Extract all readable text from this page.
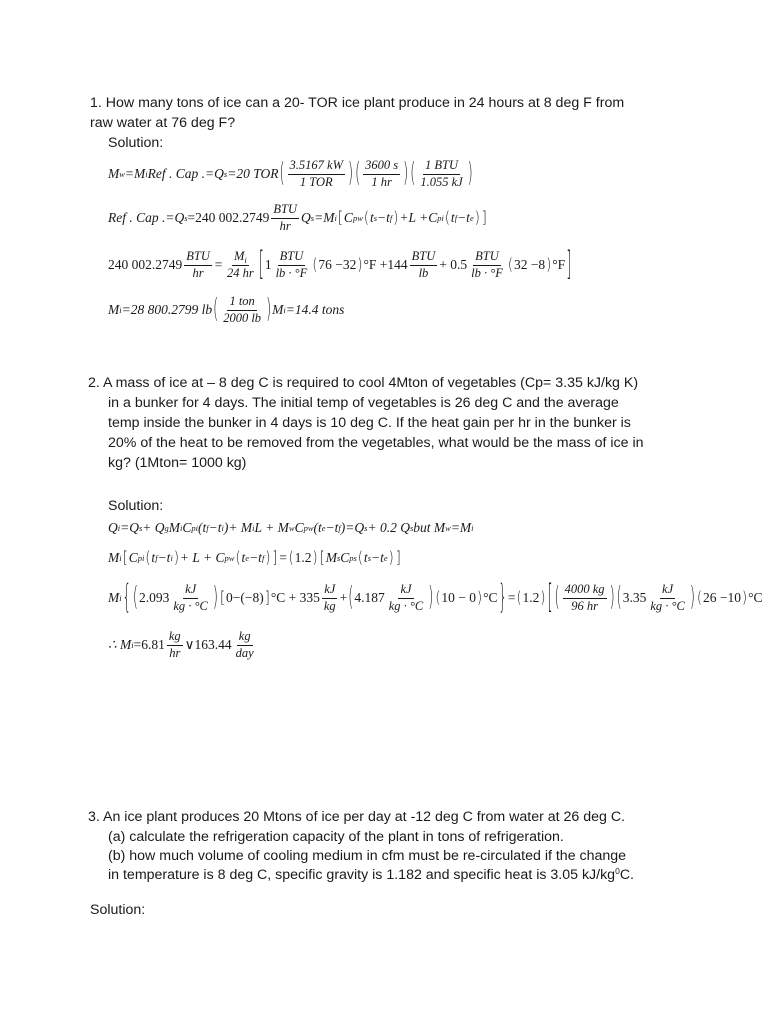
1. How many tons of ice can a 20- TOR ice plant produce in 24 hours at 8 deg F from
raw water at 76 deg F?
Solution:
M w =M i Ref . Cap .=Q s =20 TOR ( $\frac{3.5167 kW}{\text{1 TOR}}$ ) ( $\frac{3600 s}{1 hr}$ ) ( $\frac{\text{1 BTU}}{1.055 kJ}$ )
Ref . Cap .=Q s =240 $002.2749 \frac{\text{BTU}}{hr}$ Q s =M i [ C pw ( t s −t f ) +L +C pi ( t f −t e ) ]
240 $002.2749 \frac{\text{BTU}}{hr} = \frac{M_i}{24 hr}$ [ $1 \frac{\text{BTU}}{lb \cdot ^\circ F}$ ( 76 −32 ) $^\circ F +144 \frac{\text{BTU}}{lb} + 0.5 \frac{\text{BTU}}{lb \cdot ^\circ F}$ ( 32 −8 ) °F ]
M i =28 800.2799 lb ( $\frac{\text{1 ton}}{2000 lb}$ ) M i =14.4 tons
2. A mass of ice at – 8 deg C is required to cool 4Mton of vegetables (Cp= 3.35 kJ/kg K)
in a bunker for 4 days. The initial temp of vegetables is 26 deg C and the average
temp inside the bunker in 4 days is 10 deg C. If the heat gain per hr in the bunker is
20% of the heat to be removed from the vegetables, what would be the mass of ice in
kg? (1Mton= 1000 kg)
Solution:
Q i =Q s + Q g M i C pi (t f −t i )+ M i L + M w C pw (t e −t f )=Q s + 0.2 Q s but M w =M i
M i [ C pi ( t f −t i ) + L + C pw ( t e −t f ) ] = ( 1.2 ) [ M s C ps ( t s −t e ) ]
M i { ( $2.093 \frac{kJ}{kg \cdot ^\circ C}$ ) [ 0−(−8) ] $^\circ C + 335 \frac{kJ}{kg}$ + ( $4.187 \frac{kJ}{kg \cdot ^\circ C}$ ) ( 10 − 0 ) °C } = ( 1.2 ) [ ( $\frac{4000 kg}{96 hr}$ ) ( $3.35 \frac{kJ}{kg \cdot ^\circ C}$ ) ( 26 −10 ) °C
∴ M $i =6.81 \frac{kg}{hr}$ ∨163.44 $\frac{kg}{\text{day}}$
3. An ice plant produces 20 Mtons of ice per day at -12 deg C from water at 26 deg C.
(a) calculate the refrigeration capacity of the plant in tons of refrigeration.
(b) how much volume of cooling medium in cfm must be re-circulated if the change
in temperature is 8 deg C, specific gravity is 1.182 and specific heat is 3.05 $kJ/kg^0C$.
Solution:
